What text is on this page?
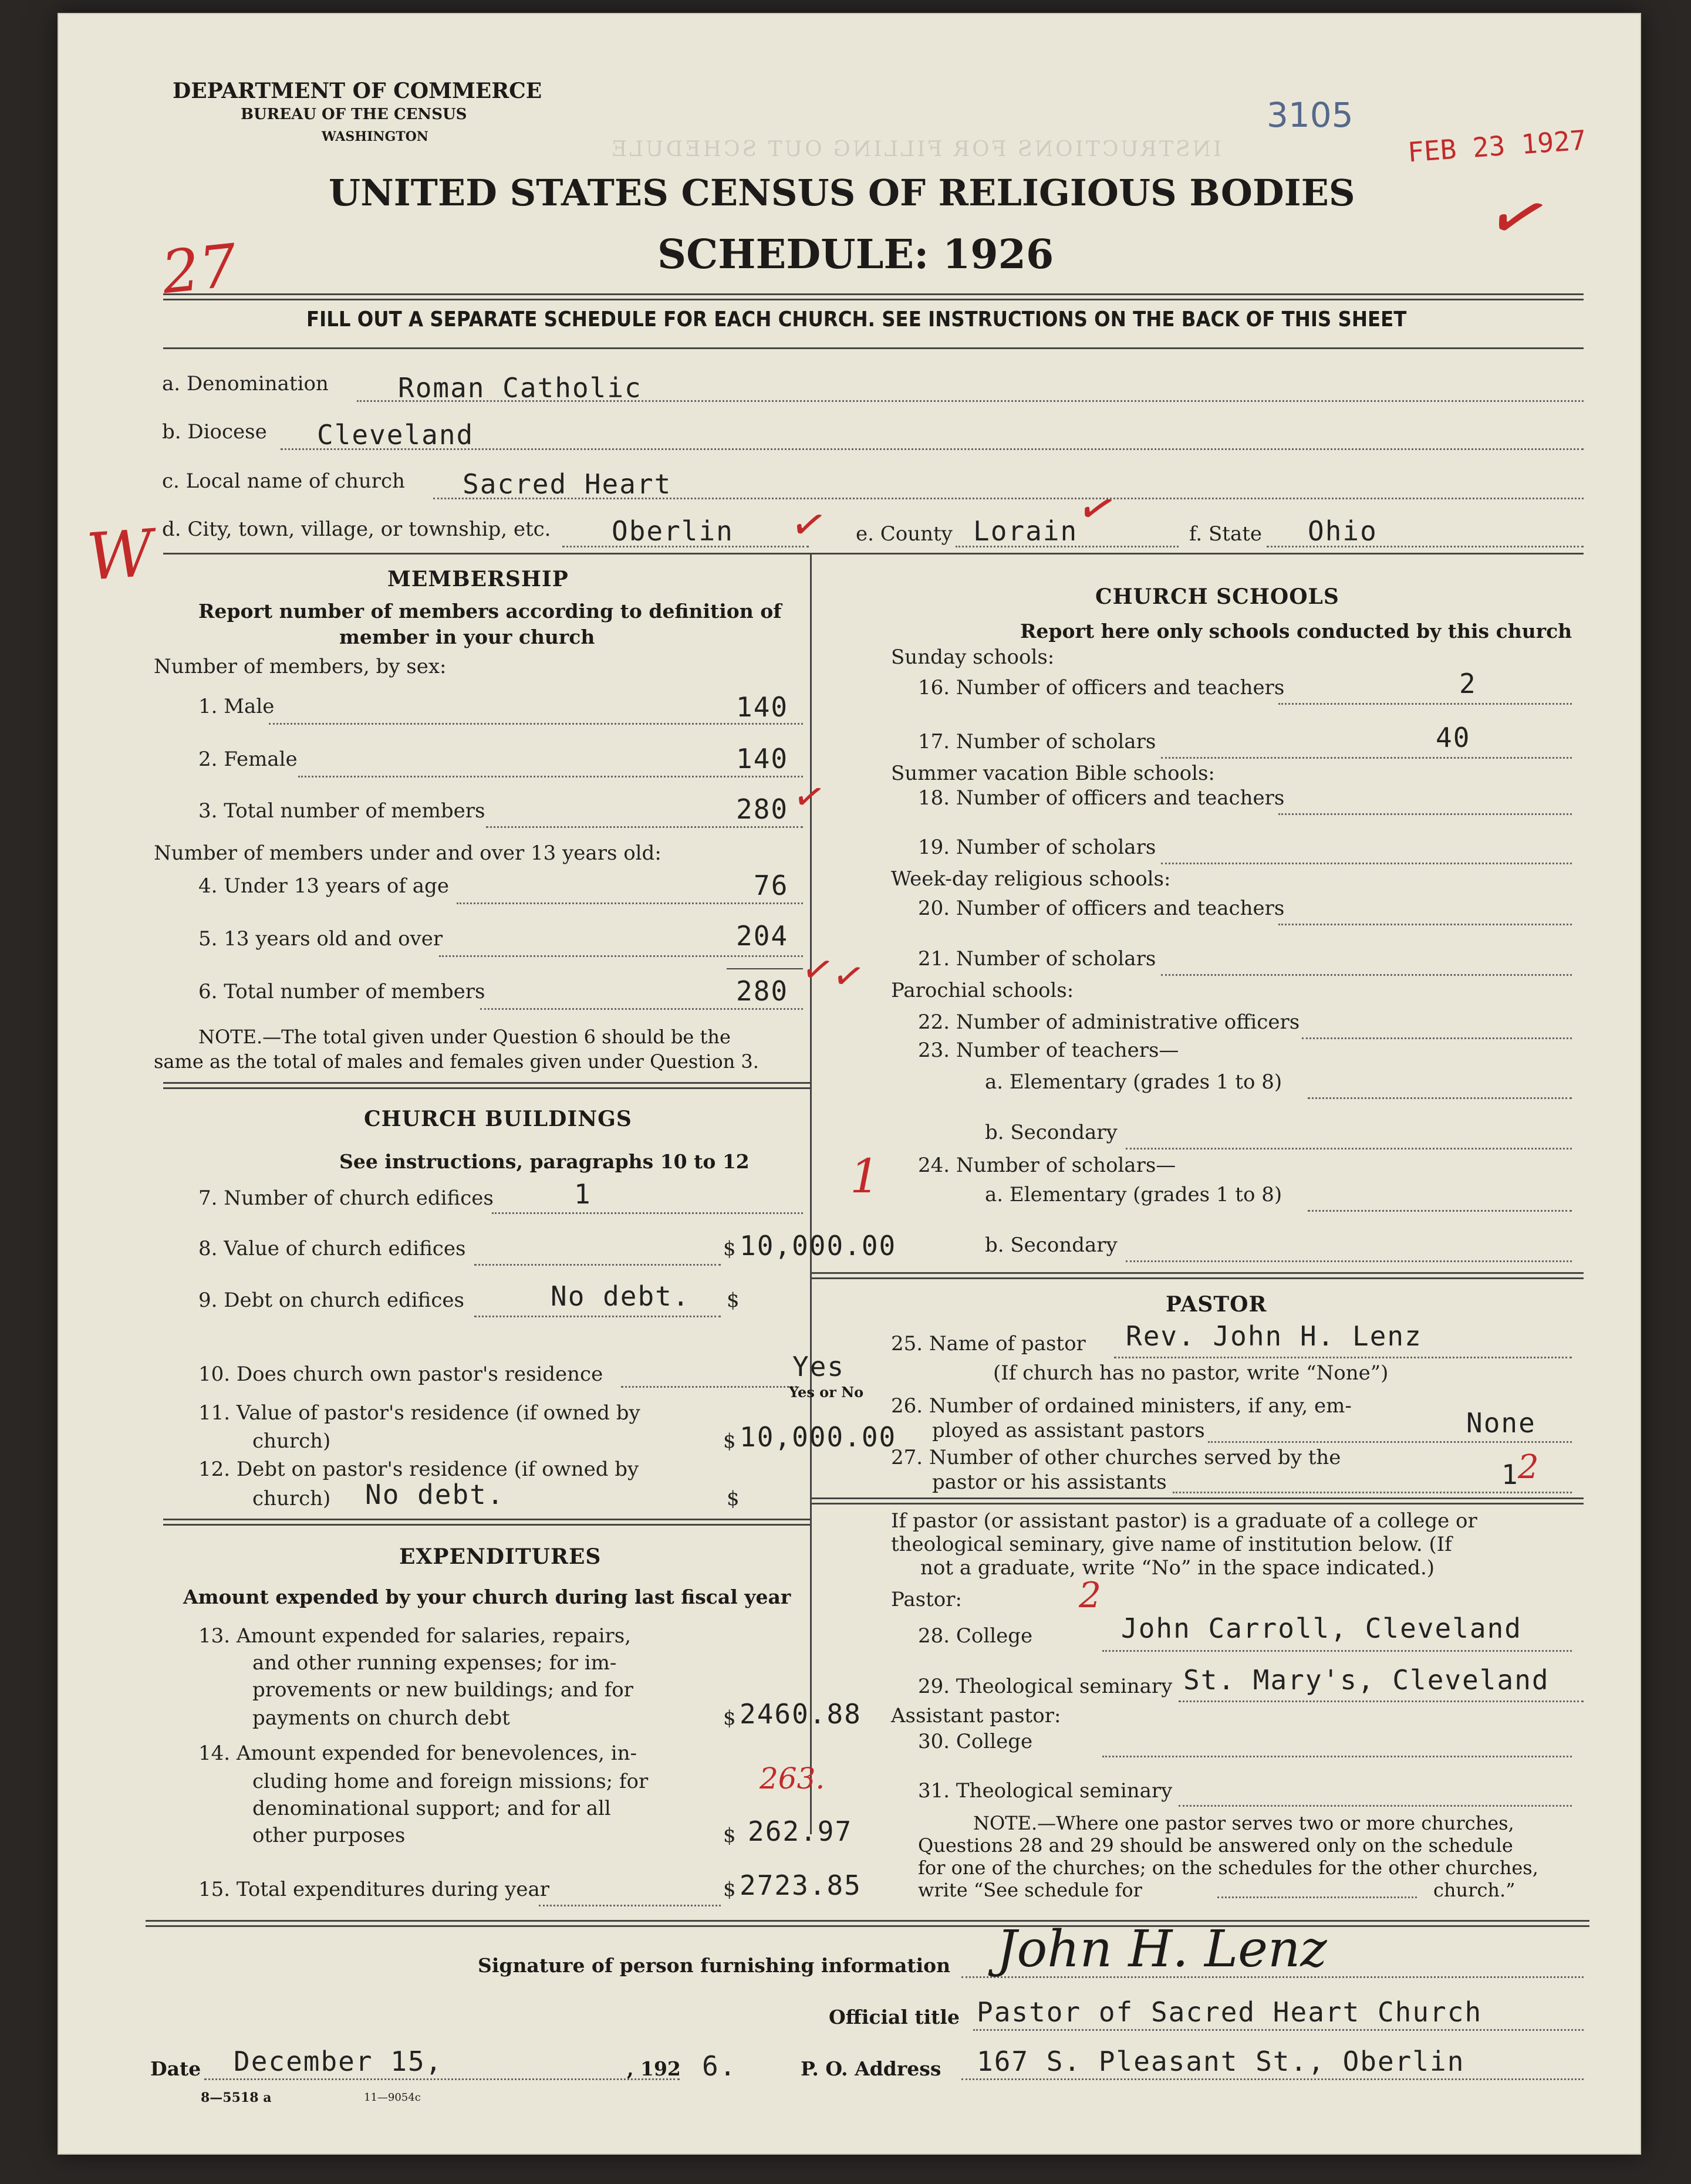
INSTRUCTIONS FOR FILLING OUT SCHEDULE
DEPARTMENT OF COMMERCE
BUREAU OF THE CENSUS
WASHINGTON
3105
FEB 23 1927
✓
UNITED STATES CENSUS OF RELIGIOUS BODIES
SCHEDULE: 1926
27
FILL OUT A SEPARATE SCHEDULE FOR EACH CHURCH. SEE INSTRUCTIONS ON THE BACK OF THIS SHEET
a. Denomination	Roman Catholic
b. Diocese Cleveland
c. Local name of church Sacred Heart
d. City, town, village, or township, etc. Oberlin ✓ e. County Lorain
✓	f. State Ohio
W	MEMBERSHIP
Report number of members according to definition of
member in your church
Number of members, by sex:
1. Male	140
2. Female	140
3. Total number of members	280 ✓
Number of members under and over 13 years old:
4. Under 13 years of age	76
5. 13 years old and over	204
6. Total number of members	280 ✓✓
NOTE.—The total given under Question 6 should be the
same as the total of males and females given under Question 3.
CHURCH BUILDINGS
See instructions, paragraphs 10 to 12
7. Number of church edifices	1	1
8. Value of church edifices	$ 10,000.00
9. Debt on church edifices	No debt. $
10. Does church own pastor's residence	Yes
Yes or No
11. Value of pastor's residence (if owned by
church)	$ 10,000.00
12. Debt on pastor's residence (if owned by
church) No debt.	$
EXPENDITURES
Amount expended by your church during last fiscal year
13. Amount expended for salaries, repairs,
and other running expenses; for im-
provements or new buildings; and for
payments on church debt	$ 2460.88
14. Amount expended for benevolences, in-
cluding home and foreign missions; for
denominational support; and for all
other purposes
263.
$ 262.97
15. Total expenditures during year	$ 2723.85
CHURCH SCHOOLS
Report here only schools conducted by this church
Sunday schools:
16. Number of officers and teachers	2
17. Number of scholars	40
Summer vacation Bible schools:
18. Number of officers and teachers
19. Number of scholars
Week-day religious schools:
20. Number of officers and teachers
21. Number of scholars
Parochial schools:
22. Number of administrative officers
23. Number of teachers—
a. Elementary (grades 1 to 8)
b. Secondary
24. Number of scholars—
a. Elementary (grades 1 to 8)
b. Secondary
PASTOR
25. Name of pastor Rev. John H. Lenz
(If church has no pastor, write “None”)
26. Number of ordained ministers, if any, em-
ployed as assistant pastors	None
27. Number of other churches served by the
pastor or his assistants	1
2
If pastor (or assistant pastor) is a graduate of a college or
theological seminary, give name of institution below. (If
not a graduate, write “No” in the space indicated.)
Pastor:	2
28. College	John Carroll, Cleveland
29. Theological seminary St. Mary's, Cleveland
Assistant pastor:
30. College
31. Theological seminary
NOTE.—Where one pastor serves two or more churches,
Questions 28 and 29 should be answered only on the schedule
for one of the churches; on the schedules for the other churches,
write “See schedule for	church.”
Signature of person furnishing information John H. Lenz
Official title Pastor of Sacred Heart Church
Date December 15,	, 192 6.	P. O. Address 167 S. Pleasant St., Oberlin
8—5518 a	11—9054c
